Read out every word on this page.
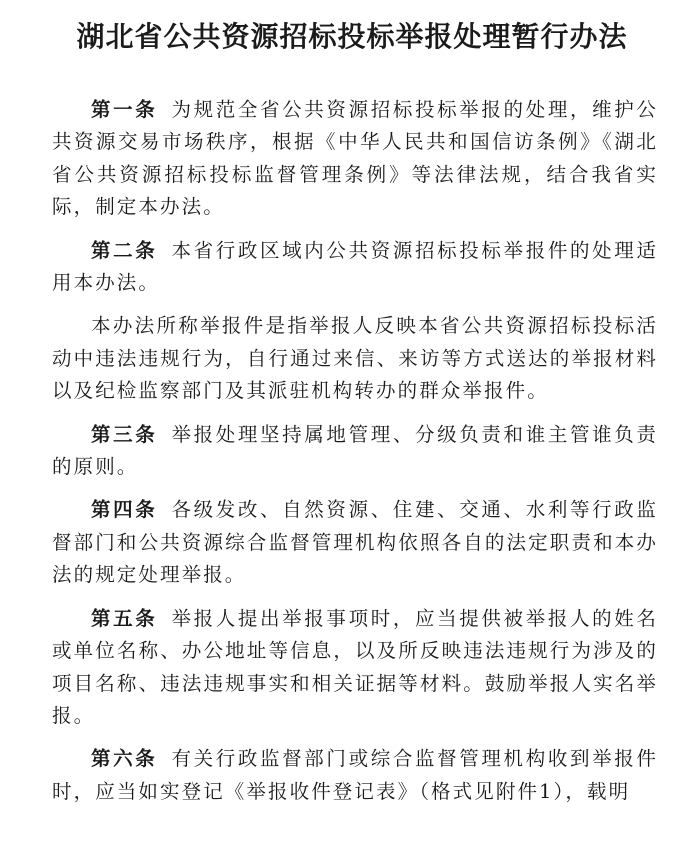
湖北省公共资源招标投标举报处理暂行办法

第一条 为规范全省公共资源招标投标举报的处理，维护公共资源交易市场秩序，根据《中华人民共和国信访条例》《湖北省公共资源招标投标监督管理条例》等法律法规，结合我省实际，制定本办法。

第二条 本省行政区域内公共资源招标投标举报件的处理适用本办法。

本办法所称举报件是指举报人反映本省公共资源招标投标活动中违法违规行为，自行通过来信、来访等方式送达的举报材料以及纪检监察部门及其派驻机构转办的群众举报件。

第三条 举报处理坚持属地管理、分级负责和谁主管谁负责的原则。

第四条 各级发改、自然资源、住建、交通、水利等行政监督部门和公共资源综合监督管理机构依照各自的法定职责和本办法的规定处理举报。

第五条 举报人提出举报事项时，应当提供被举报人的姓名或单位名称、办公地址等信息，以及所反映违法违规行为涉及的项目名称、违法违规事实和相关证据等材料。鼓励举报人实名举报。

第六条 有关行政监督部门或综合监督管理机构收到举报件时，应当如实登记《举报收件登记表》（格式见附件1），载明
